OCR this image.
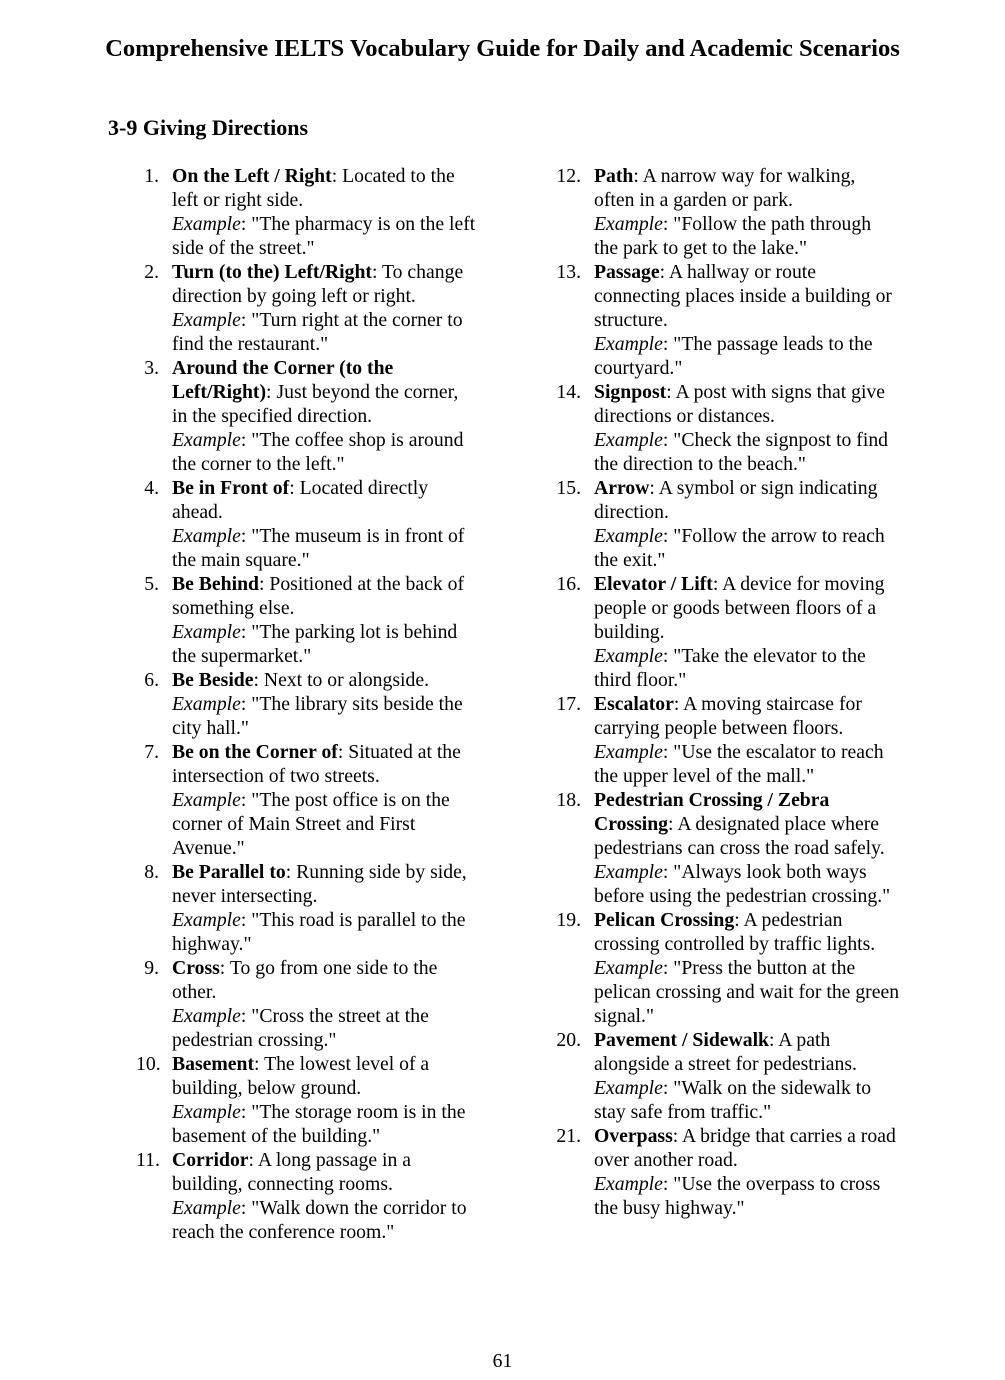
Comprehensive IELTS Vocabulary Guide for Daily and Academic Scenarios
3-9 Giving Directions
1. On the Left / Right: Located to the left or right side.
Example: "The pharmacy is on the left side of the street."
2. Turn (to the) Left/Right: To change direction by going left or right.
Example: "Turn right at the corner to find the restaurant."
3. Around the Corner (to the Left/Right): Just beyond the corner, in the specified direction.
Example: "The coffee shop is around the corner to the left."
4. Be in Front of: Located directly ahead.
Example: "The museum is in front of the main square."
5. Be Behind: Positioned at the back of something else.
Example: "The parking lot is behind the supermarket."
6. Be Beside: Next to or alongside.
Example: "The library sits beside the city hall."
7. Be on the Corner of: Situated at the intersection of two streets.
Example: "The post office is on the corner of Main Street and First Avenue."
8. Be Parallel to: Running side by side, never intersecting.
Example: "This road is parallel to the highway."
9. Cross: To go from one side to the other.
Example: "Cross the street at the pedestrian crossing."
10. Basement: The lowest level of a building, below ground.
Example: "The storage room is in the basement of the building."
11. Corridor: A long passage in a building, connecting rooms.
Example: "Walk down the corridor to reach the conference room."
12. Path: A narrow way for walking, often in a garden or park.
Example: "Follow the path through the park to get to the lake."
13. Passage: A hallway or route connecting places inside a building or structure.
Example: "The passage leads to the courtyard."
14. Signpost: A post with signs that give directions or distances.
Example: "Check the signpost to find the direction to the beach."
15. Arrow: A symbol or sign indicating direction.
Example: "Follow the arrow to reach the exit."
16. Elevator / Lift: A device for moving people or goods between floors of a building.
Example: "Take the elevator to the third floor."
17. Escalator: A moving staircase for carrying people between floors.
Example: "Use the escalator to reach the upper level of the mall."
18. Pedestrian Crossing / Zebra Crossing: A designated place where pedestrians can cross the road safely.
Example: "Always look both ways before using the pedestrian crossing."
19. Pelican Crossing: A pedestrian crossing controlled by traffic lights.
Example: "Press the button at the pelican crossing and wait for the green signal."
20. Pavement / Sidewalk: A path alongside a street for pedestrians.
Example: "Walk on the sidewalk to stay safe from traffic."
21. Overpass: A bridge that carries a road over another road.
Example: "Use the overpass to cross the busy highway."
61
